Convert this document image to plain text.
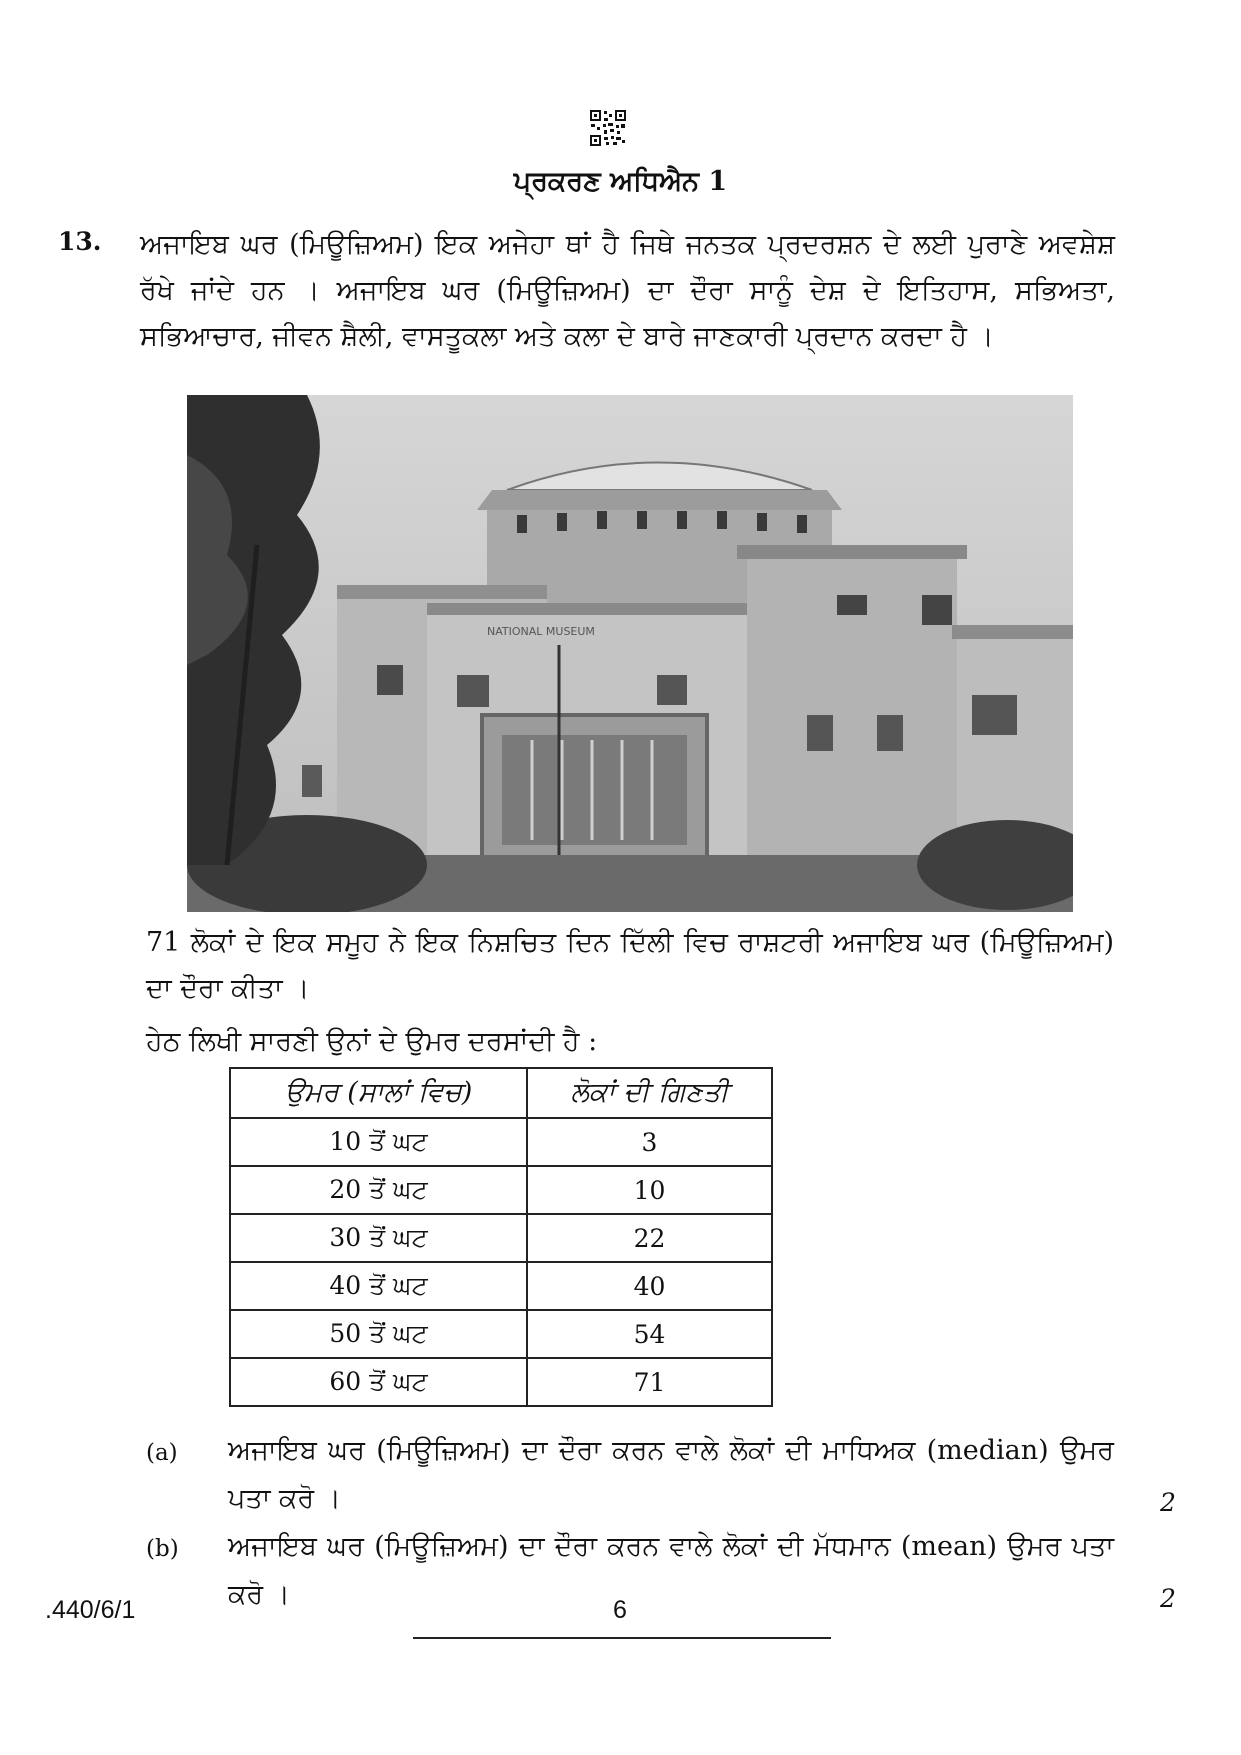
ਪ੍ਰਕਰਣ ਅਧਿਐਨ 1
13. ਅਜਾਇਬ ਘਰ (ਮਿਊਜ਼ਿਅਮ) ਇਕ ਅਜੇਹਾ ਥਾਂ ਹੈ ਜਿਥੇ ਜਨਤਕ ਪ੍ਰਦਰਸ਼ਨ ਦੇ ਲਈ ਪੁਰਾਣੇ ਅਵਸ਼ੇਸ਼ ਰੱਖੇ ਜਾਂਦੇ ਹਨ । ਅਜਾਇਬ ਘਰ (ਮਿਊਜ਼ਿਅਮ) ਦਾ ਦੌਰਾ ਸਾਨੂੰ ਦੇਸ਼ ਦੇ ਇਤਿਹਾਸ, ਸਭਿਅਤਾ, ਸਭਿਆਚਾਰ, ਜੀਵਨ ਸ਼ੈਲੀ, ਵਾਸਤੂਕਲਾ ਅਤੇ ਕਲਾ ਦੇ ਬਾਰੇ ਜਾਣਕਾਰੀ ਪ੍ਰਦਾਨ ਕਰਦਾ ਹੈ ।
NATIONAL MUSEUM
71 ਲੋਕਾਂ ਦੇ ਇਕ ਸਮੂਹ ਨੇ ਇਕ ਨਿਸ਼ਚਿਤ ਦਿਨ ਦਿੱਲੀ ਵਿਚ ਰਾਸ਼ਟਰੀ ਅਜਾਇਬ ਘਰ (ਮਿਊਜ਼ਿਅਮ) ਦਾ ਦੌਰਾ ਕੀਤਾ ।
ਹੇਠ ਲਿਖੀ ਸਾਰਣੀ ਉਨਾਂ ਦੇ ਉਮਰ ਦਰਸਾਂਦੀ ਹੈ :
ਉਮਰ (ਸਾਲਾਂ ਵਿਚ)	ਲੋਕਾਂ ਦੀ ਗਿਣਤੀ
10 ਤੋਂ ਘਟ	3
20 ਤੋਂ ਘਟ	10
30 ਤੋਂ ਘਟ	22
40 ਤੋਂ ਘਟ	40
50 ਤੋਂ ਘਟ	54
60 ਤੋਂ ਘਟ	71
(a) ਅਜਾਇਬ ਘਰ (ਮਿਊਜ਼ਿਅਮ) ਦਾ ਦੌਰਾ ਕਰਨ ਵਾਲੇ ਲੋਕਾਂ ਦੀ ਮਾਧਿਅਕ (median) ਉਮਰ ਪਤਾ ਕਰੋ ।	2
(b) ਅਜਾਇਬ ਘਰ (ਮਿਊਜ਼ਿਅਮ) ਦਾ ਦੌਰਾ ਕਰਨ ਵਾਲੇ ਲੋਕਾਂ ਦੀ ਮੱਧਮਾਨ (mean) ਉਮਰ ਪਤਾ ਕਰੋ ।	2
.440/6/1	6
